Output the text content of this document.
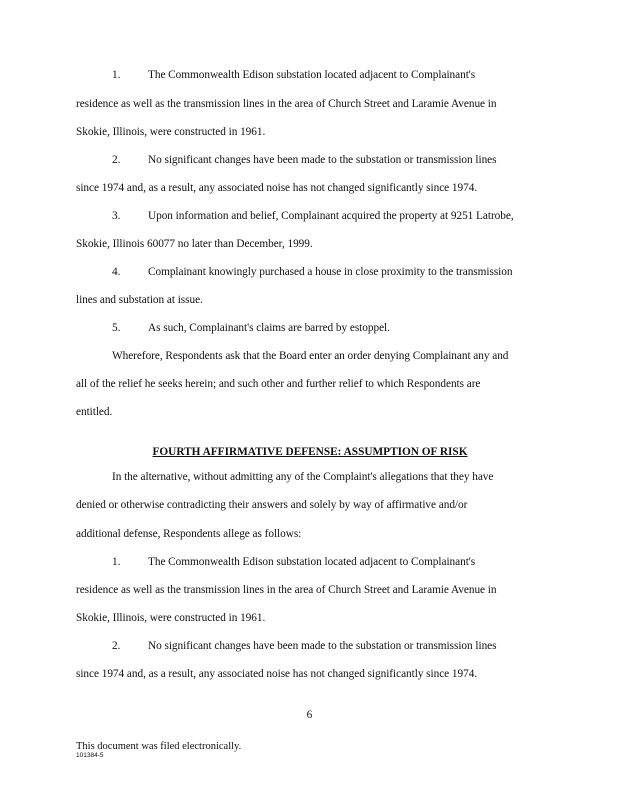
1. The Commonwealth Edison substation located adjacent to Complainant's
residence as well as the transmission lines in the area of Church Street and Laramie Avenue in
Skokie, Illinois, were constructed in 1961.
2. No significant changes have been made to the substation or transmission lines
since 1974 and, as a result, any associated noise has not changed significantly since 1974.
3. Upon information and belief, Complainant acquired the property at 9251 Latrobe,
Skokie, Illinois 60077 no later than December, 1999.
4. Complainant knowingly purchased a house in close proximity to the transmission
lines and substation at issue.
5. As such, Complainant's claims are barred by estoppel.
Wherefore, Respondents ask that the Board enter an order denying Complainant any and
all of the relief he seeks herein; and such other and further relief to which Respondents are
entitled.
FOURTH AFFIRMATIVE DEFENSE: ASSUMPTION OF RISK
In the alternative, without admitting any of the Complaint's allegations that they have
denied or otherwise contradicting their answers and solely by way of affirmative and/or
additional defense, Respondents allege as follows:
1. The Commonwealth Edison substation located adjacent to Complainant's
residence as well as the transmission lines in the area of Church Street and Laramie Avenue in
Skokie, Illinois, were constructed in 1961.
2. No significant changes have been made to the substation or transmission lines
since 1974 and, as a result, any associated noise has not changed significantly since 1974.
6
This document was filed electronically.
101384-5
